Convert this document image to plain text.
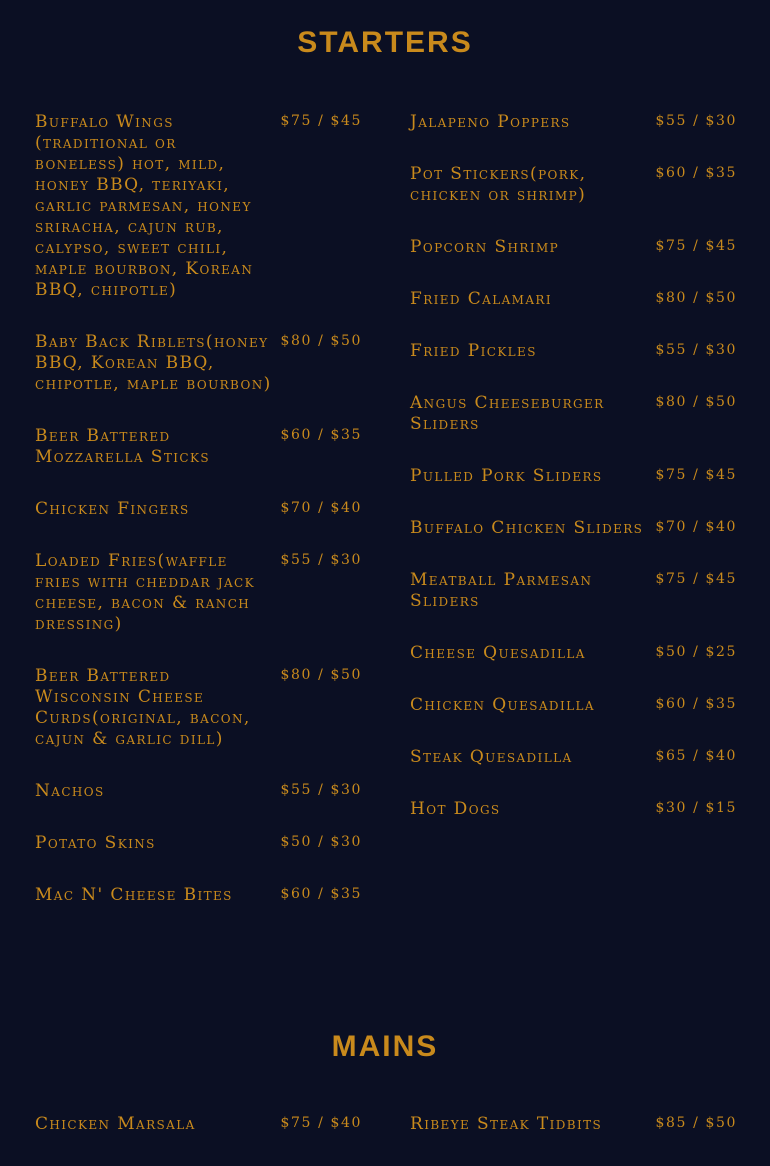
STARTERS
Buffalo Wings (traditional or boneless) hot, mild, honey BBQ, teriyaki, garlic parmesan, honey sriracha, cajun rub, calypso, sweet chili, maple bourbon, Korean BBQ, chipotle)
$75 / $45
Baby Back Riblets(honey BBQ, Korean BBQ, chipotle, maple bourbon)
$80 / $50
Beer Battered Mozzarella Sticks
$60 / $35
Chicken Fingers	$70 / $40
Loaded Fries(waffle fries with cheddar jack cheese, bacon & ranch dressing)
$55 / $30
Beer Battered Wisconsin Cheese Curds(original, bacon, cajun & garlic dill)
$80 / $50
Nachos	$55 / $30
Potato Skins	$50 / $30
Mac N' Cheese Bites	$60 / $35
Jalapeno Poppers	$55 / $30
Pot Stickers(pork, chicken or shrimp)
$60 / $35
Popcorn Shrimp	$75 / $45
Fried Calamari	$80 / $50
Fried Pickles	$55 / $30
Angus Cheeseburger Sliders
$80 / $50
Pulled Pork Sliders	$75 / $45
Buffalo Chicken Sliders $70 / $40
Meatball Parmesan Sliders
$75 / $45
Cheese Quesadilla	$50 / $25
Chicken Quesadilla	$60 / $35
Steak Quesadilla	$65 / $40
Hot Dogs	$30 / $15
MAINS
Chicken Marsala	$75 / $40	Ribeye Steak Tidbits	$85 / $50
